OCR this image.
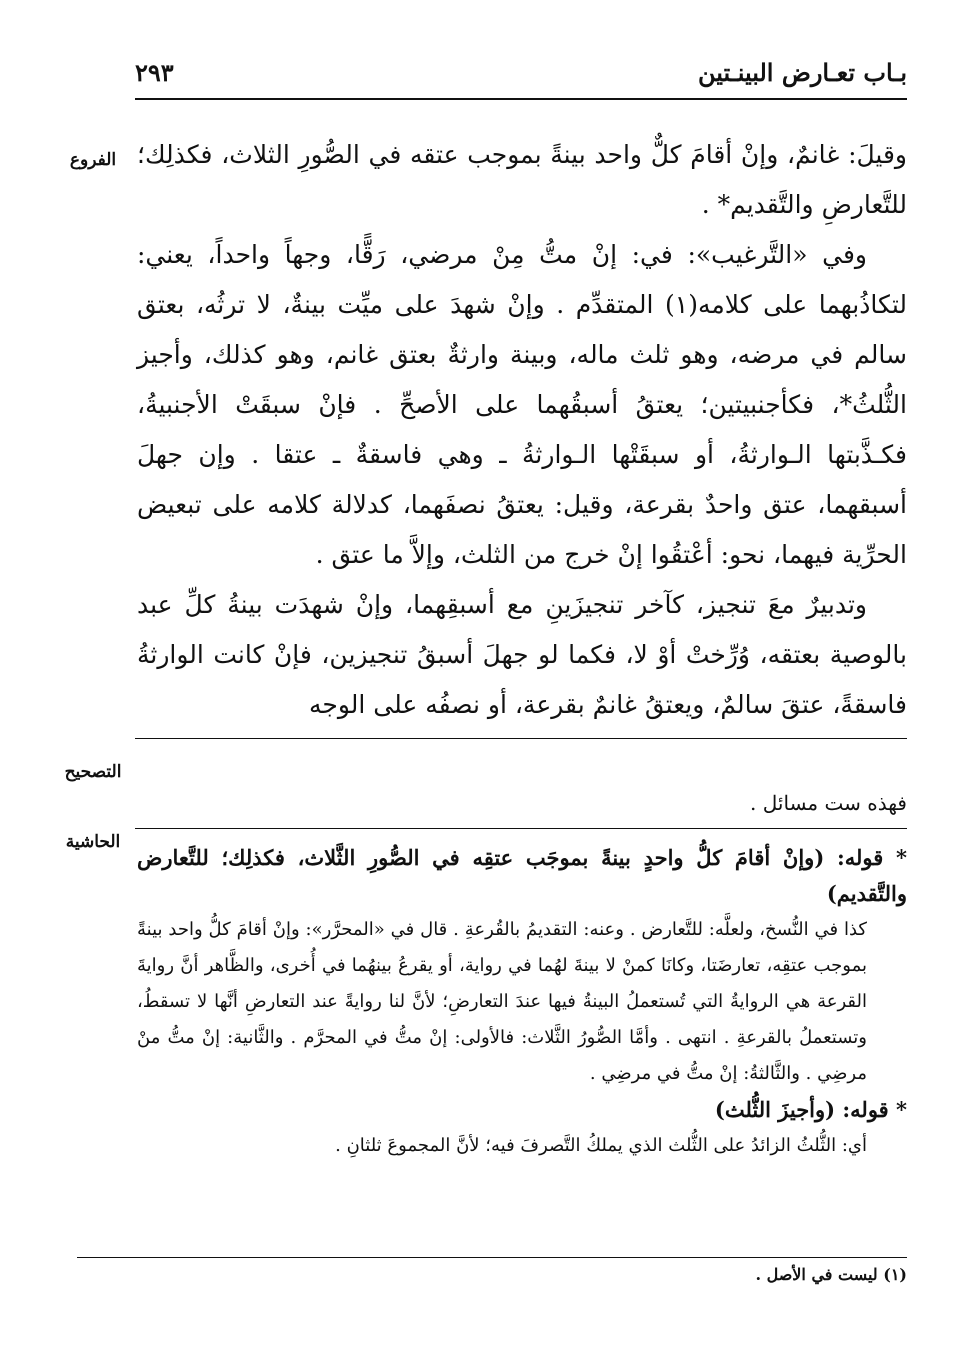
بـاب تعـارض البينـتين
٢٩٣
الفروع
التصحيح
الحاشية

وقيلَ: غانمٌ، وإنْ أقامَ كلٌّ واحد بينةً بموجب عتقه في الصُّورِ الثلاث، فكذلِك؛ للتَّعارضِ والتَّقديم* .

وفي «التَّرغيب»: في: إنْ متُّ مِنْ مرضي، رَقًّا، وجهاً واحداً، يعني: لتكاذُبهما على كلامه(١) المتقدِّم . وإنْ شهدَ على ميِّت بينةٌ، لا ترثُه، بعتق سالم في مرضه، وهو ثلث ماله، وبينة وارثةٌ بعتق غانم، وهو كذلك، وأجيز الثُّلثُ*، فكأجنبيتين؛ يعتقُ أسبقُهما على الأصحِّ . فإنْ سبقَتْ الأجنبيةُ، فكـذَّبتها الـوارثةُ، أو سبقَتْها الـوارثةُ ـ وهي فاسقةٌ ـ عتقا . وإن جهلَ أسبقهما، عتق واحدٌ بقرعة، وقيل: يعتقُ نصفَهما، كدلالة كلامه على تبعيض الحرِّية فيهما، نحو: أعْتقُوا إنْ خرج من الثلث، وإلاَّ ما عتق .

وتدبيرٌ معَ تنجيز، كآخر تنجيزَينِ مع أسبقِهما، وإنْ شهدَت بينةُ كلِّ عبد بالوصية بعتقه، وُرِّختْ أوْ لا، فكما لو جهلَ أسبقُ تنجيزين، فإنْ كانت الوارثةُ فاسقةً، عتقَ سالمٌ، ويعتقُ غانمٌ بقرعة، أو نصفُه على الوجه

فهذه ست مسائل .

* قوله: (وإنْ أقامَ كلُّ واحدٍ بينةً بموجَب عتقِه في الصُّورِ الثَّلاث، فكذلِك؛ للتَّعارض والتَّقديم)

كذا في النُّسخ، ولعلَّه: للتَّعارض . وعنه: التقديمُ بالقُرعةِ . قال في «المحرَّر»: وإنْ أقامَ كلُّ واحد بينةً بموجب عتقِه، تعارضَتا، وكانَا كمنْ لا بينةَ لهُما في رواية، أو يقرعُ بينهُما في أُخرى، والظَّاهر أنَّ روايةَ القرعة هي الروايةُ التي تُستعملُ البينةُ فيها عندَ التعارضِ؛ لأنَّ لنا روايةً عند التعارضِ أنَّها لا تسقطُ، وتستعملُ بالقرعةِ . انتهى . وأمَّا الصُّورُ الثَّلاث: فالأولى: إنْ متُّ في المحرَّم . والثَّانية: إنْ متُّ منْ مرضِي . والثَّالثةُ: إنْ متُّ في مرضِي .

* قوله: (وأجيزَ الثُّلث)

أي: الثُّلثُ الزائدُ على الثُّلث الذي يملكُ التَّصرفَ فيه؛ لأنَّ المجموعَ ثلثانِ .

(١) ليست في الأصل .
